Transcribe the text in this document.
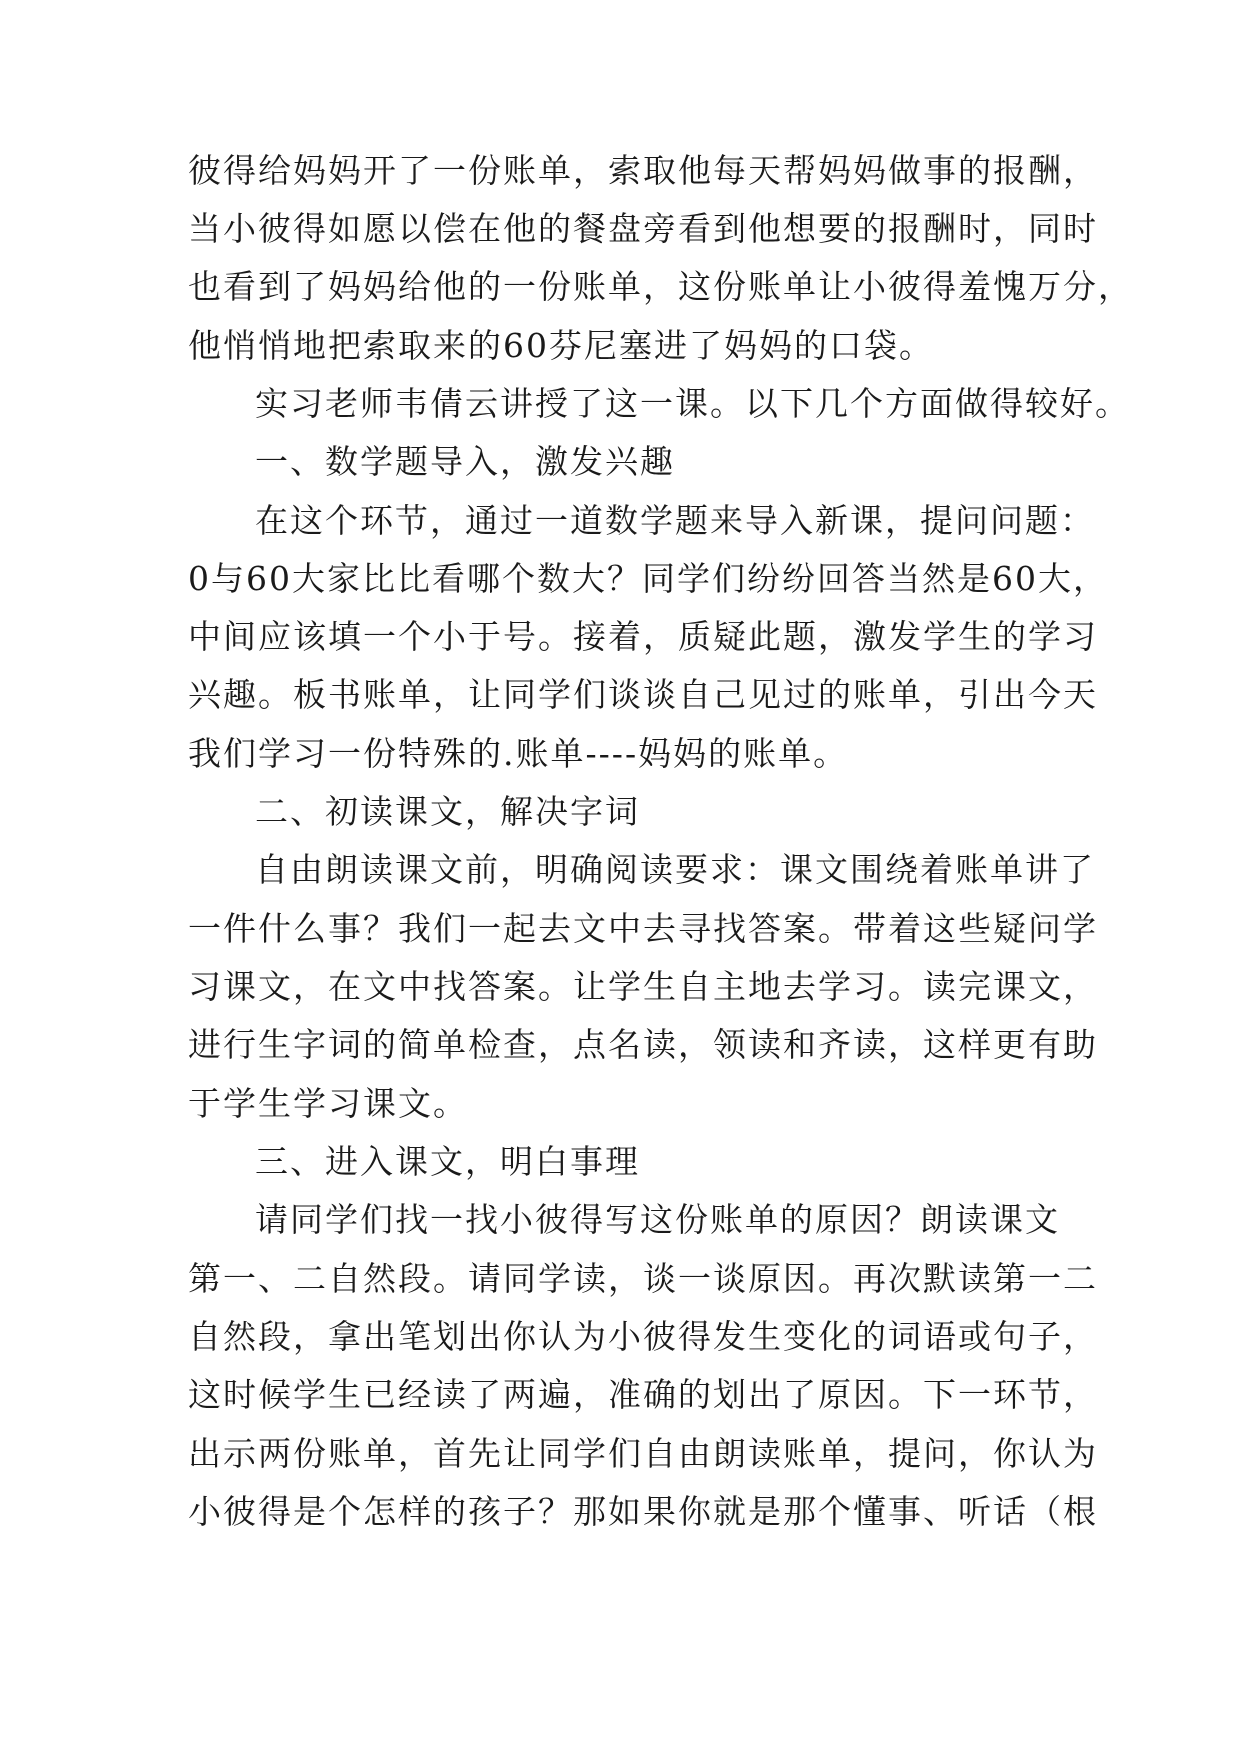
彼得给妈妈开了一份账单，索取他每天帮妈妈做事的报酬，
当小彼得如愿以偿在他的餐盘旁看到他想要的报酬时，同时
也看到了妈妈给他的一份账单，这份账单让小彼得羞愧万分，
他悄悄地把索取来的60芬尼塞进了妈妈的口袋。
实习老师韦倩云讲授了这一课。以下几个方面做得较好。
一、数学题导入，激发兴趣
在这个环节，通过一道数学题来导入新课，提问问题：
0与60大家比比看哪个数大？同学们纷纷回答当然是60大，
中间应该填一个小于号。接着，质疑此题，激发学生的学习
兴趣。板书账单，让同学们谈谈自己见过的账单，引出今天
我们学习一份特殊的.账单----妈妈的账单。
二、初读课文，解决字词
自由朗读课文前，明确阅读要求：课文围绕着账单讲了
一件什么事？我们一起去文中去寻找答案。带着这些疑问学
习课文，在文中找答案。让学生自主地去学习。读完课文，
进行生字词的简单检查，点名读，领读和齐读，这样更有助
于学生学习课文。
三、进入课文，明白事理
请同学们找一找小彼得写这份账单的原因？朗读课文
第一、二自然段。请同学读，谈一谈原因。再次默读第一二
自然段，拿出笔划出你认为小彼得发生变化的词语或句子，
这时候学生已经读了两遍，准确的划出了原因。下一环节，
出示两份账单，首先让同学们自由朗读账单，提问，你认为
小彼得是个怎样的孩子？那如果你就是那个懂事、听话（根
